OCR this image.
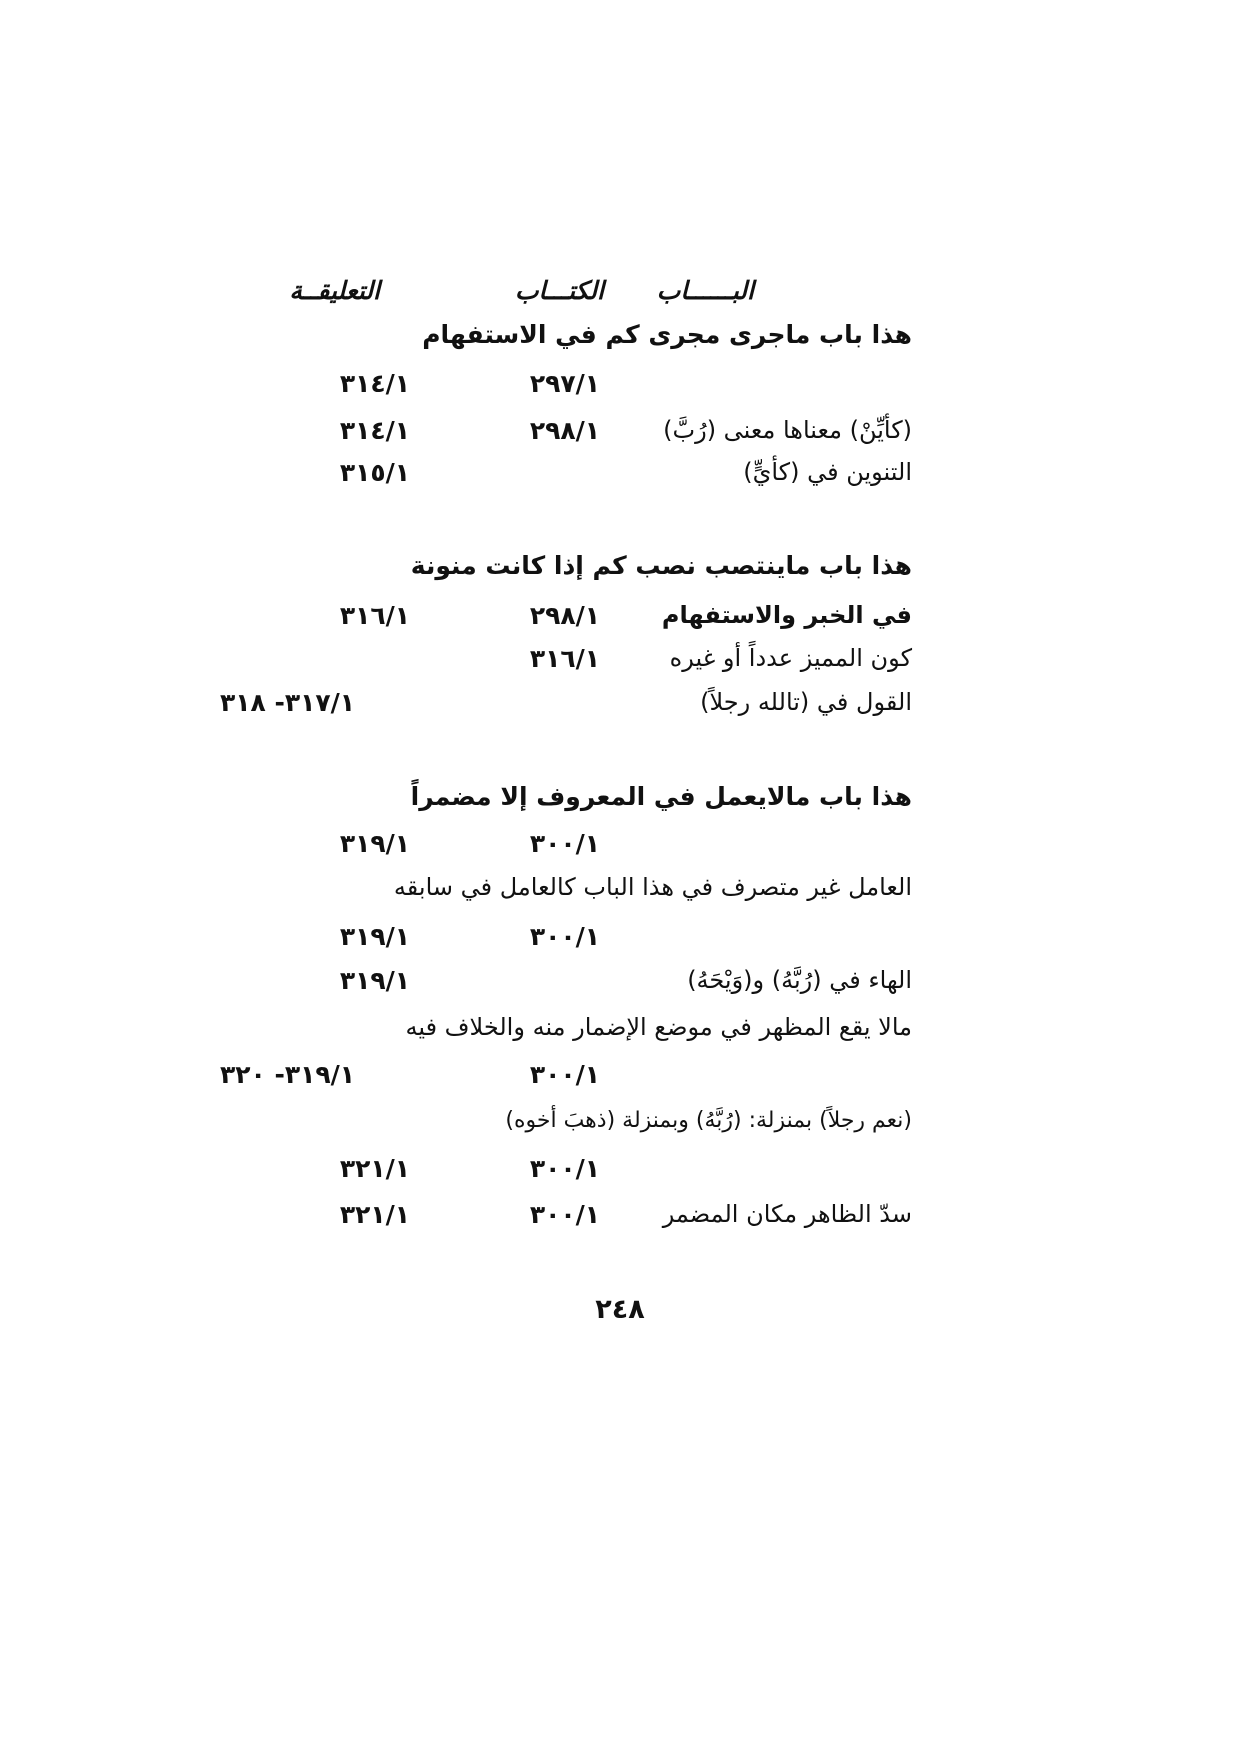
البــــــاب
الكتـــاب
التعليقــة
هذا باب ماجرى مجرى كم في الاستفهام
٢٩٧/١
٣١٤/١
(كأيِّنْ) معناها معنى (رُبَّ)
٢٩٨/١
٣١٤/١
التنوين في (كأيٍّ)
٣١٥/١
هذا باب ماينتصب نصب كم إذا كانت منونة
في الخبر والاستفهام
٢٩٨/١
٣١٦/١
كون المميز عدداً أو غيره
٣١٦/١
القول في (تالله رجلاً)
٣١٧/١- ٣١٨
هذا باب مالايعمل في المعروف إلا مضمراً
٣٠٠/١
٣١٩/١
العامل غير متصرف في هذا الباب كالعامل في سابقه
٣٠٠/١
٣١٩/١
الهاء في (رُبَّهُ) و(وَيْحَهُ)
٣١٩/١
مالا يقع المظهر في موضع الإضمار منه والخلاف فيه
٣٠٠/١
٣١٩/١- ٣٢٠
(نعم رجلاً) بمنزلة: (رُبَّهُ) وبمنزلة (ذهبَ أخوه)
٣٠٠/١
٣٢١/١
سدّ الظاهر مكان المضمر
٣٠٠/١
٣٢١/١
٢٤٨
